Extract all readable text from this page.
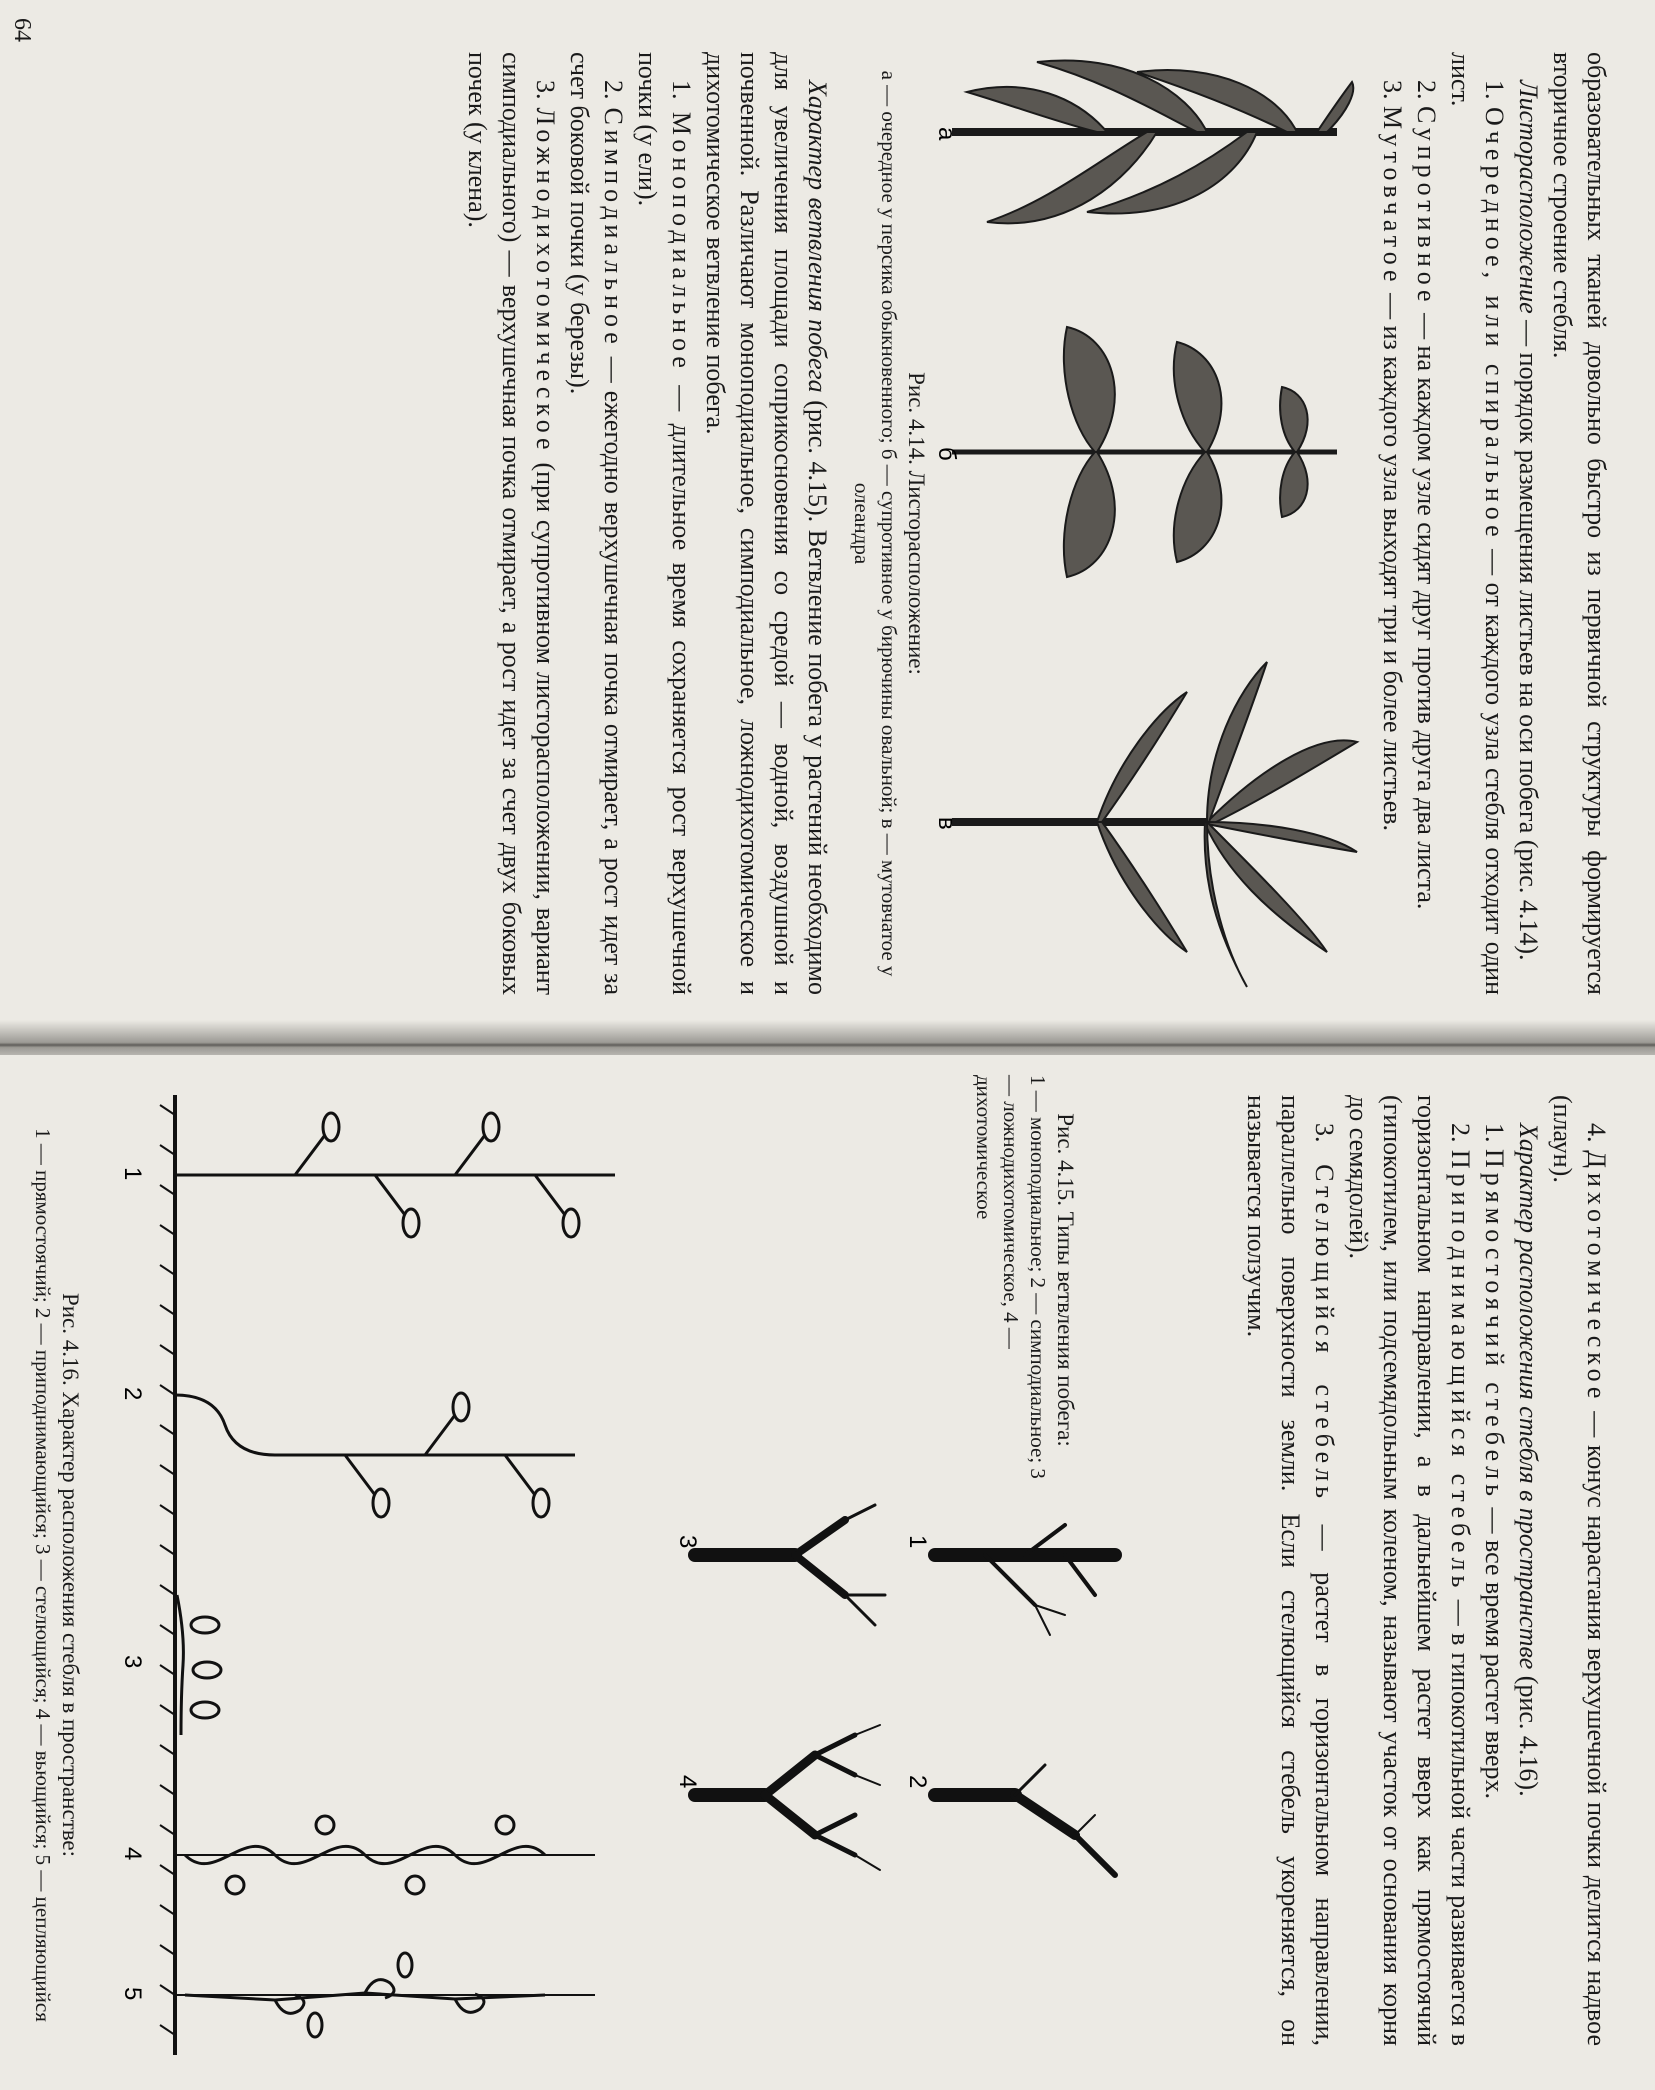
образовательных тканей довольно быстро из первичной структуры формируется вторичное строение стебля.

Листорасположение — порядок размещения листьев на оси побега (рис. 4.14).

1. Очередное, или спиральное — от каждого узла стебля отходит один лист.

2. Супротивное — на каждом узле сидят друг против друга два листа.

3. Мутовчатое — из каждого узла выходят три и более листьев.

а
б
в

Рис. 4.14. Листорасположение:

а — очередное у персика обыкновенного; б — супротивное у бирючины овальной; в — мутовчатое у олеандра

Характер ветвления побега (рис. 4.15). Ветвление побега у растений необходимо для увеличения площади соприкосновения со средой — водной, воздушной и почвенной. Различают моноподиальное, симподиальное, ложнодихотомическое и дихотомическое ветвление побега.

1. Моноподиальное — длительное время сохраняется рост верхушечной почки (у ели).

2. Симподиальное — ежегодно верхушечная почка отмирает, а рост идет за счет боковой почки (у березы).

3. Ложнодихотомическое (при супротивном листорасположении, вариант симподиального) — верхушечная почка отмирает, а рост идет за счет двух боковых почек (у клена).

64

4. Дихотомическое — конус нарастания верхушечной почки делится надвое (плаун).

Характер расположения стебля в пространстве (рис. 4.16).

1. Прямостоячий стебель — все время растет вверх.

2. Приподнимающийся стебель — в гипокотильной части развивается в горизонтальном направлении, а в дальнейшем растет вверх как прямостоячий (гипокотилем, или подсемядольным коленом, называют участок от основания корня до семядолей).

3. Стелющийся стебель — растет в горизонтальном направлении, параллельно поверхности земли. Если стелющийся стебель укореняется, он называется ползучим.

Рис. 4.15. Типы ветвления побега:

1 — моноподиальное; 2 — симподиальное; 3 — ложнодихотомическое, 4 — дихотомическое

1
2
3
4
1
2
3
4
5

Рис. 4.16. Характер расположения стебля в пространстве:

1 — прямостоячий; 2 — приподнимающийся; 3 — стелющийся; 4 — вьющийся; 5 — цепляющийся
